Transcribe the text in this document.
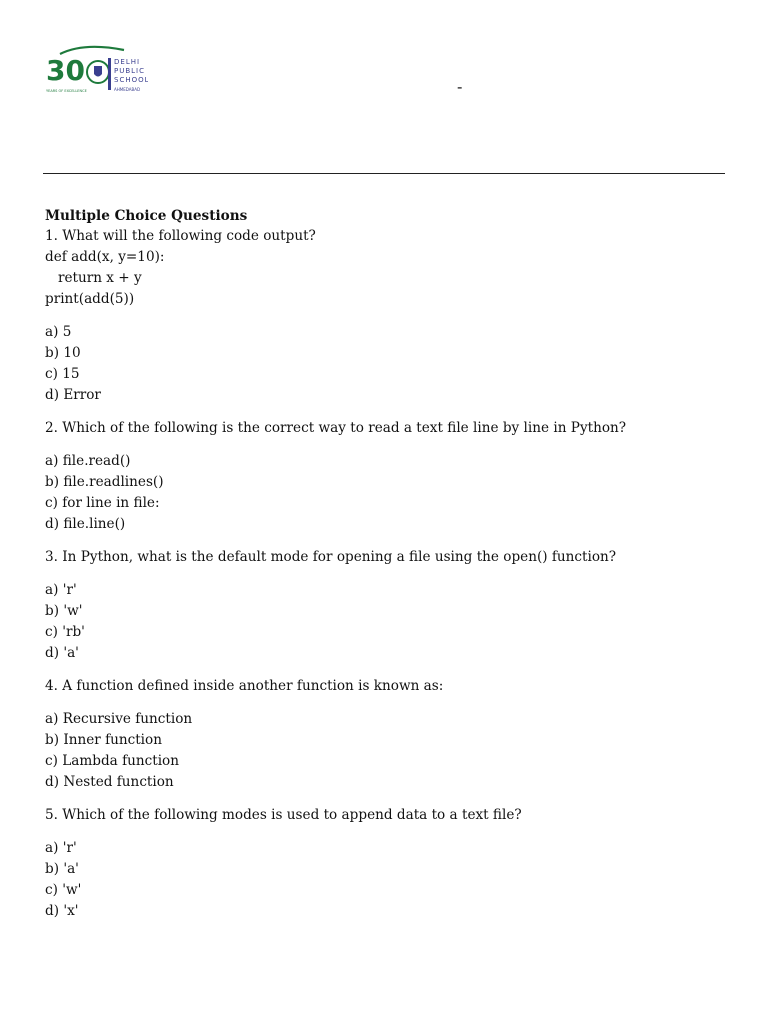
30	DELHI
PUBLIC
SCHOOL
YEARS OF EXCELLENCE	AHMEDABAD	-
Multiple Choice Questions
1. What will the following code output?
def add(x, y=10):
return x + y
print(add(5))
a) 5
b) 10
c) 15
d) Error
2. Which of the following is the correct way to read a text file line by line in Python?
a) file.read()
b) file.readlines()
c) for line in file:
d) file.line()
3. In Python, what is the default mode for opening a file using the open() function?
a) 'r'
b) 'w'
c) 'rb'
d) 'a'
4. A function defined inside another function is known as:
a) Recursive function
b) Inner function
c) Lambda function
d) Nested function
5. Which of the following modes is used to append data to a text file?
a) 'r'
b) 'a'
c) 'w'
d) 'x'
